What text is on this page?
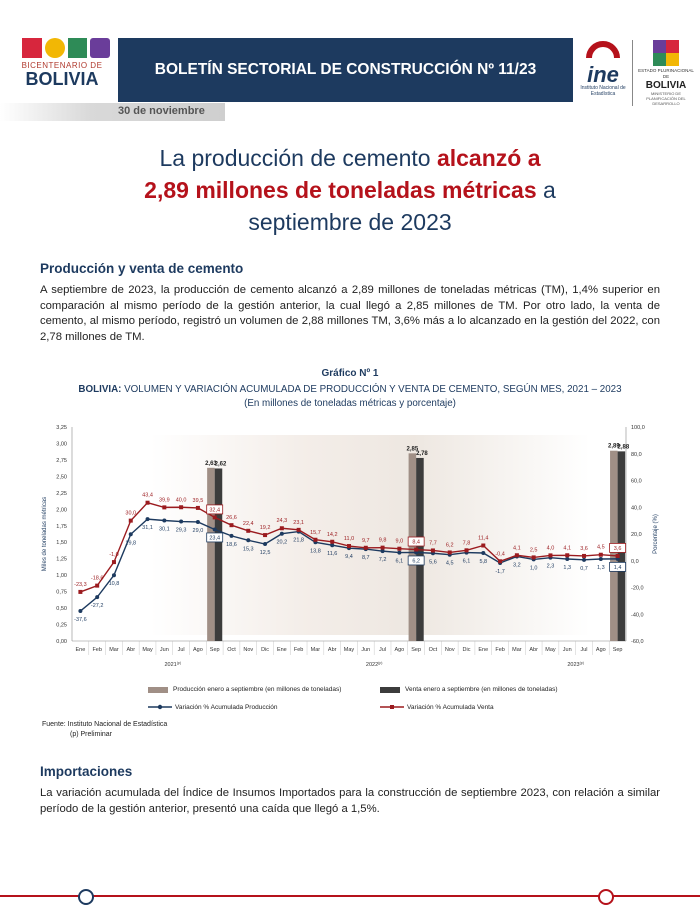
BICENTENARIO DE
BOLIVIA	BOLETÍN SECTORIAL DE CONSTRUCCIÓN Nº 11/23	ine
Instituto Nacional de Estadística
ESTADO PLURINACIONAL DE
BOLIVIA
MINISTERIO DE PLANIFICACIÓN DEL DESARROLLO
30 de noviembre
La producción de cemento alcanzó a
2,89 millones de toneladas métricas a
septiembre de 2023
Producción y venta de cemento
A septiembre de 2023, la producción de cemento alcanzó a 2,89 millones de toneladas métricas (TM), 1,4% superior en comparación al mismo período de la gestión anterior, la cual llegó a 2,85 millones de TM. Por otro lado, la venta de cemento, al mismo período, registró un volumen de 2,88 millones TM, 3,6% más a lo alcanzado en la gestión del 2022, con 2,78 millones de TM.
Gráfico Nº 1
BOLIVIA: VOLUMEN Y VARIACIÓN ACUMULADA DE PRODUCCIÓN Y VENTA DE CEMENTO, SEGÚN MES, 2021 – 2023
(En millones de toneladas métricas y porcentaje)
0,00
0,25
0,50
0,75
1,00
1,25
1,50
1,75
2,00
2,25
2,50
2,75
3,00
3,25
-60,0
-40,0
-20,0
0,0
20,0
40,0
60,0
80,0
100,0
Ene Feb Mar Abr May Jun Jul Ago Sep Oct Nov Dic Ene Feb Mar Abr May Jun Jul Ago Sep Oct Nov Dic Ene Feb Mar Abr May Jun Jul Ago Sep
2021$^{(p)}$	2022$^{(p)}$	2023$^{(p)}$
Miles de toneladas métricas	Porcentaje (%)
2,63
2,62
2,85
2,78
2,89
2,88
-37,6
-27,2
10,8
19,8
31,1 30,1 29,3 29,0
23,4
18,6
15,3
12,5
20,2 21,8
13,8 11,6 9,4 8,7 7,2 6,1 6,2 5,6 4,5 6,1 5,8
-1,7
3,2 1,0 2,3 1,3 0,7 1,3 1,4
-23,3
-18,6
-1,0
30,0
43,4
39,9 40,0 39,5
32,4
26,6
22,4
19,2
24,3 23,1
15,7 14,2
11,0 9,7 9,8 9,0 8,4 7,7 6,2 7,8
11,4
-0,4
4,1 2,5 4,0 4,1 3,6 4,5 3,6
Producción enero a septiembre (en millones de toneladas)	Venta enero a septiembre (en millones de toneladas)
Variación % Acumulada Producción	Variación % Acumulada Venta
Fuente: Instituto Nacional de Estadística
(p) Preliminar
Importaciones
La variación acumulada del Índice de Insumos Importados para la construcción de septiembre 2023, con relación a similar período de la gestión anterior, presentó una caída que llegó a 1,5%.
